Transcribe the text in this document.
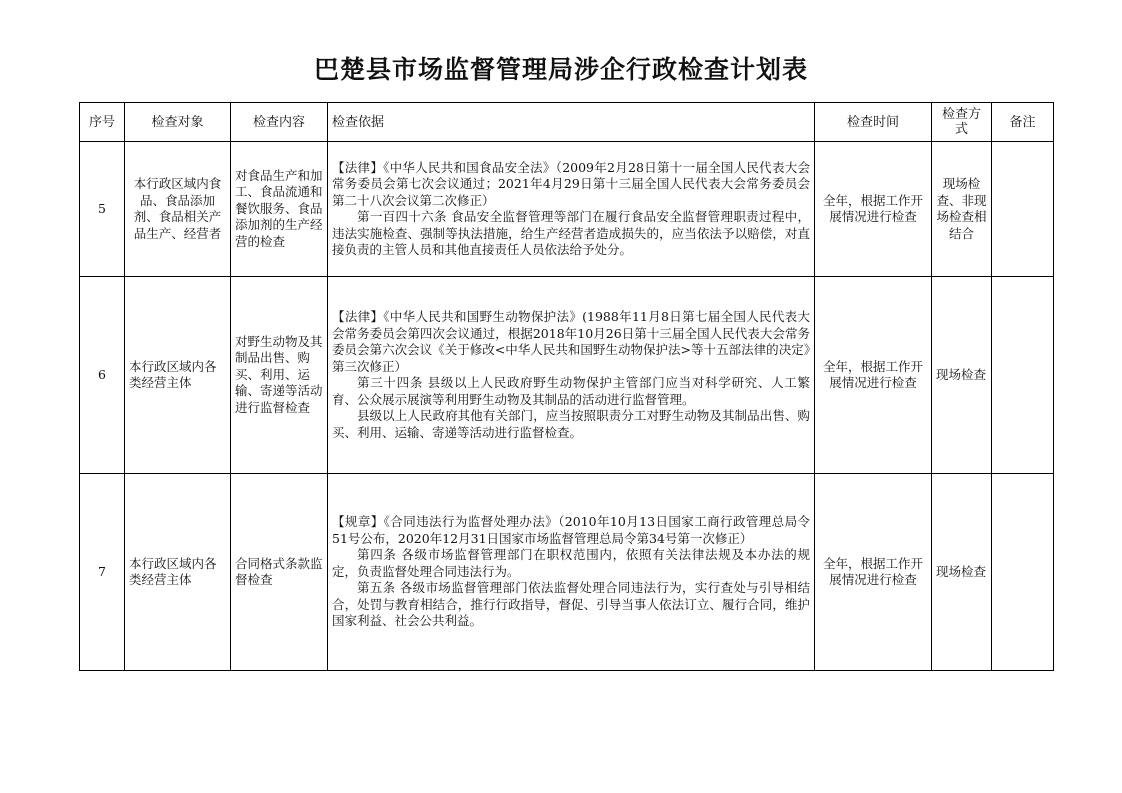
巴楚县市场监督管理局涉企行政检查计划表
序号	检查对象	检查内容	检查依据	检查时间	检查方式	备注
5	本行政区域内食品、食品添加剂、食品相关产品生产、经营者	对食品生产和加工、食品流通和餐饮服务、食品添加剂的生产经营的检查	【法律】《中华人民共和国食品安全法》（2009年2月28日第十一届全国人民代表大会常务委员会第七次会议通过；2021年4月29日第十三届全国人民代表大会常务委员会第二十八次会议第二次修正）

第一百四十六条 食品安全监督管理等部门在履行食品安全监督管理职责过程中，违法实施检查、强制等执法措施，给生产经营者造成损失的，应当依法予以赔偿，对直接负责的主管人员和其他直接责任人员依法给予处分。	全年，根据工作开展情况进行检查	现场检查、非现场检查相结合	
6	本行政区域内各类经营主体	对野生动物及其制品出售、购买、利用、运输、寄递等活动进行监督检查	【法律】《中华人民共和国野生动物保护法》(1988年11月8日第七届全国人民代表大会常务委员会第四次会议通过，根据2018年10月26日第十三届全国人民代表大会常务委员会第六次会议《关于修改<中华人民共和国野生动物保护法>等十五部法律的决定》第三次修正）

第三十四条 县级以上人民政府野生动物保护主管部门应当对科学研究、人工繁育、公众展示展演等利用野生动物及其制品的活动进行监督管理。

县级以上人民政府其他有关部门，应当按照职责分工对野生动物及其制品出售、购买、利用、运输、寄递等活动进行监督检查。	全年，根据工作开展情况进行检查	现场检查	
7	本行政区域内各类经营主体	合同格式条款监督检查	【规章】《合同违法行为监督处理办法》（2010年10月13日国家工商行政管理总局令51号公布，2020年12月31日国家市场监督管理总局令第34号第一次修正）

第四条 各级市场监督管理部门在职权范围内，依照有关法律法规及本办法的规定，负责监督处理合同违法行为。

第五条 各级市场监督管理部门依法监督处理合同违法行为，实行查处与引导相结合，处罚与教育相结合，推行行政指导，督促、引导当事人依法订立、履行合同，维护国家利益、社会公共利益。	全年，根据工作开展情况进行检查	现场检查	
